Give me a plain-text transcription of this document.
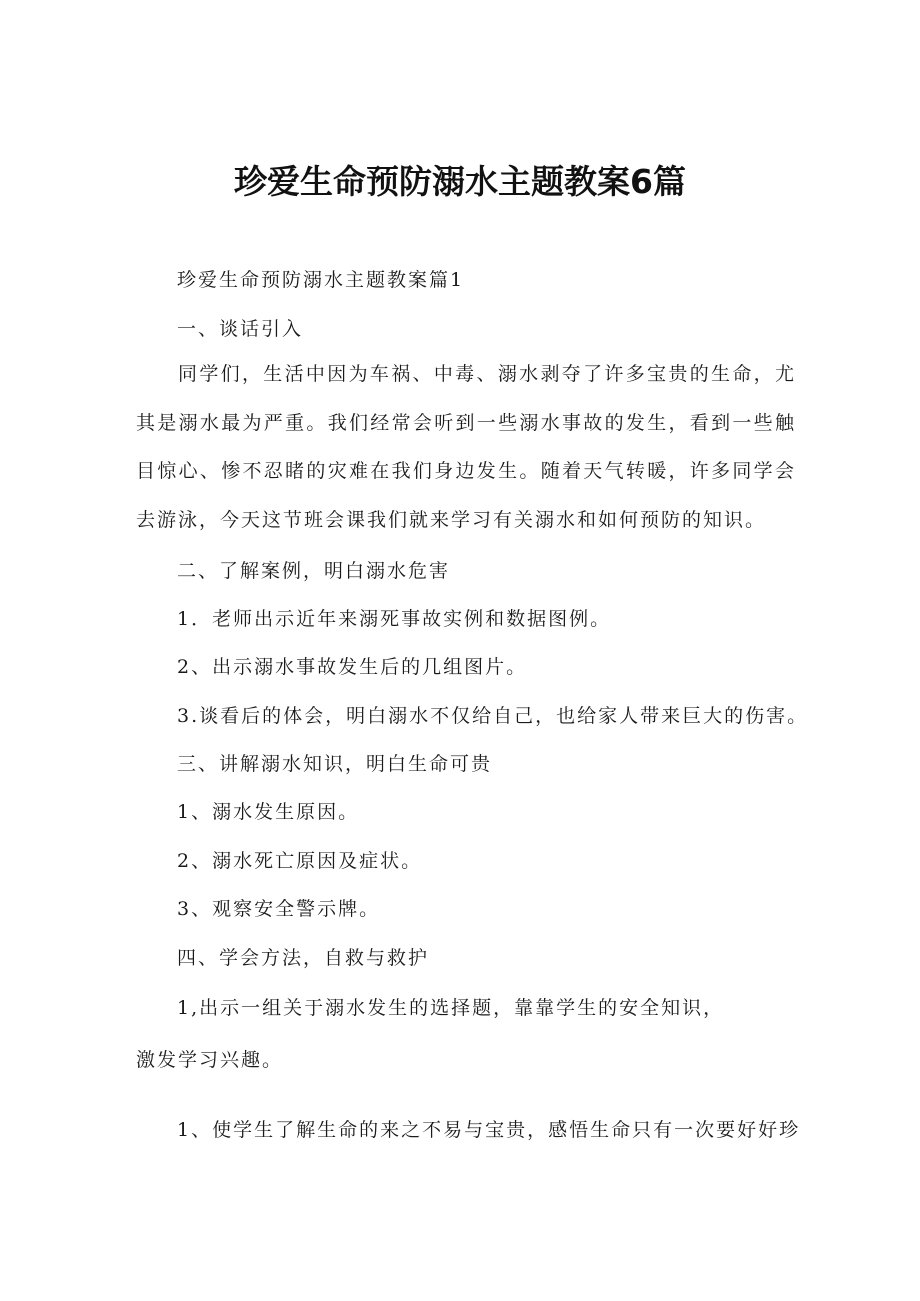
珍爱生命预防溺水主题教案6篇

珍爱生命预防溺水主题教案篇1

一、谈话引入

同学们，生活中因为车祸、中毒、溺水剥夺了许多宝贵的生命，尤其是溺水最为严重。我们经常会听到一些溺水事故的发生，看到一些触目惊心、惨不忍睹的灾难在我们身边发生。随着天气转暖，许多同学会去游泳，今天这节班会课我们就来学习有关溺水和如何预防的知识。

二、了解案例，明白溺水危害

1．老师出示近年来溺死事故实例和数据图例。

2、出示溺水事故发生后的几组图片。

3.谈看后的体会，明白溺水不仅给自己，也给家人带来巨大的伤害。

三、讲解溺水知识，明白生命可贵

1、溺水发生原因。

2、溺水死亡原因及症状。

3、观察安全警示牌。

四、学会方法，自救与救护

1,出示一组关于溺水发生的选择题，靠靠学生的安全知识，

激发学习兴趣。

1、使学生了解生命的来之不易与宝贵，感悟生命只有一次要好好珍
